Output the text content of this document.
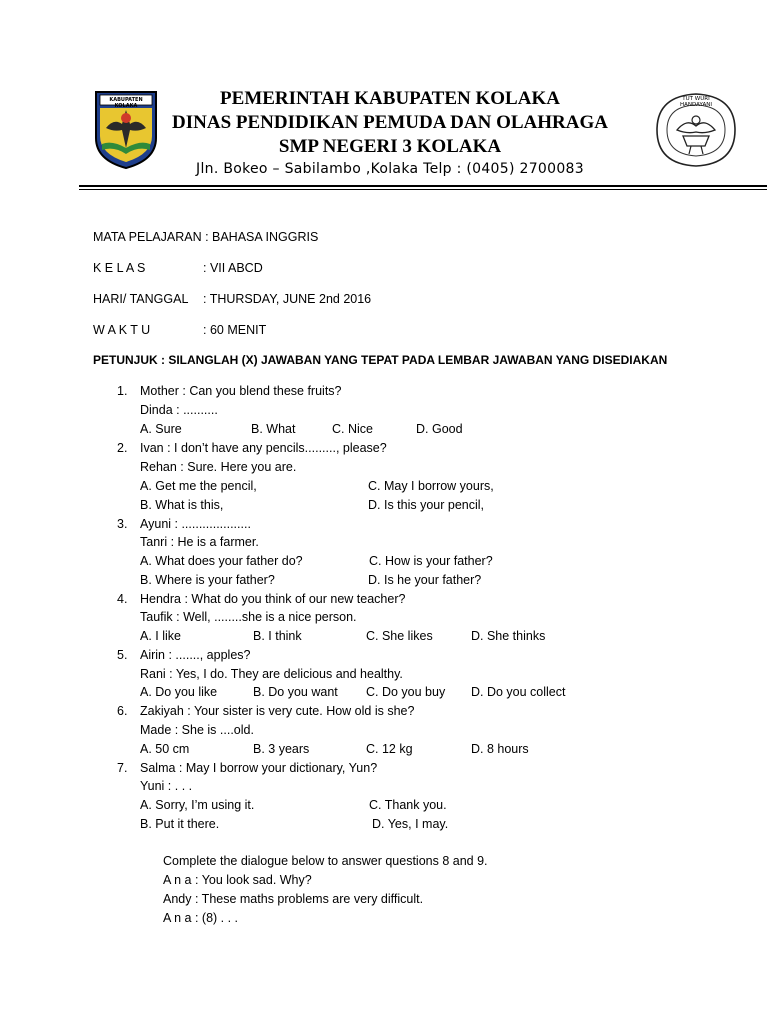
KABUPATEN KOLAKA
TUT WURI HANDAYANI
PEMERINTAH KABUPATEN KOLAKA
DINAS PENDIDIKAN PEMUDA DAN OLAHRAGA
SMP NEGERI 3 KOLAKA
Jln. Bokeo – Sabilambo ,Kolaka Telp : (0405) 2700083
MATA PELAJARAN : BAHASA INGGRIS
K E L A S	: VII ABCD
HARI/ TANGGAL : THURSDAY, JUNE 2nd 2016
W A K T U	: 60 MENIT
PETUNJUK : SILANGLAH (X) JAWABAN YANG TEPAT PADA LEMBAR JAWABAN YANG DISEDIAKAN
1. Mother : Can you blend these fruits?
Dinda : ..........
A. Sure	B. What	C. Nice	D. Good
2. Ivan : I don’t have any pencils........., please?
Rehan : Sure. Here you are.
A. Get me the pencil,	C. May I borrow yours,
B. What is this,	D. Is this your pencil,
3. Ayuni : ....................
Tanri : He is a farmer.
A. What does your father do?	C. How is your father?
B. Where is your father?	D. Is he your father?
4. Hendra : What do you think of our new teacher?
Taufik : Well, ........she is a nice person.
A. I like	B. I think	C. She likes	D. She thinks
5. Airin : ......., apples?
Rani : Yes, I do. They are delicious and healthy.
A. Do you like	B. Do you want C. Do you buy D. Do you collect
6. Zakiyah : Your sister is very cute. How old is she?
Made : She is ....old.
A. 50 cm	B. 3 years	C. 12 kg	D. 8 hours
7. Salma : May I borrow your dictionary, Yun?
Yuni : . . .
A. Sorry, I’m using it.	C. Thank you.
B. Put it there.	D. Yes, I may.
Complete the dialogue below to answer questions 8 and 9.
A n a : You look sad. Why?
Andy : These maths problems are very difficult.
A n a : (8) . . .
